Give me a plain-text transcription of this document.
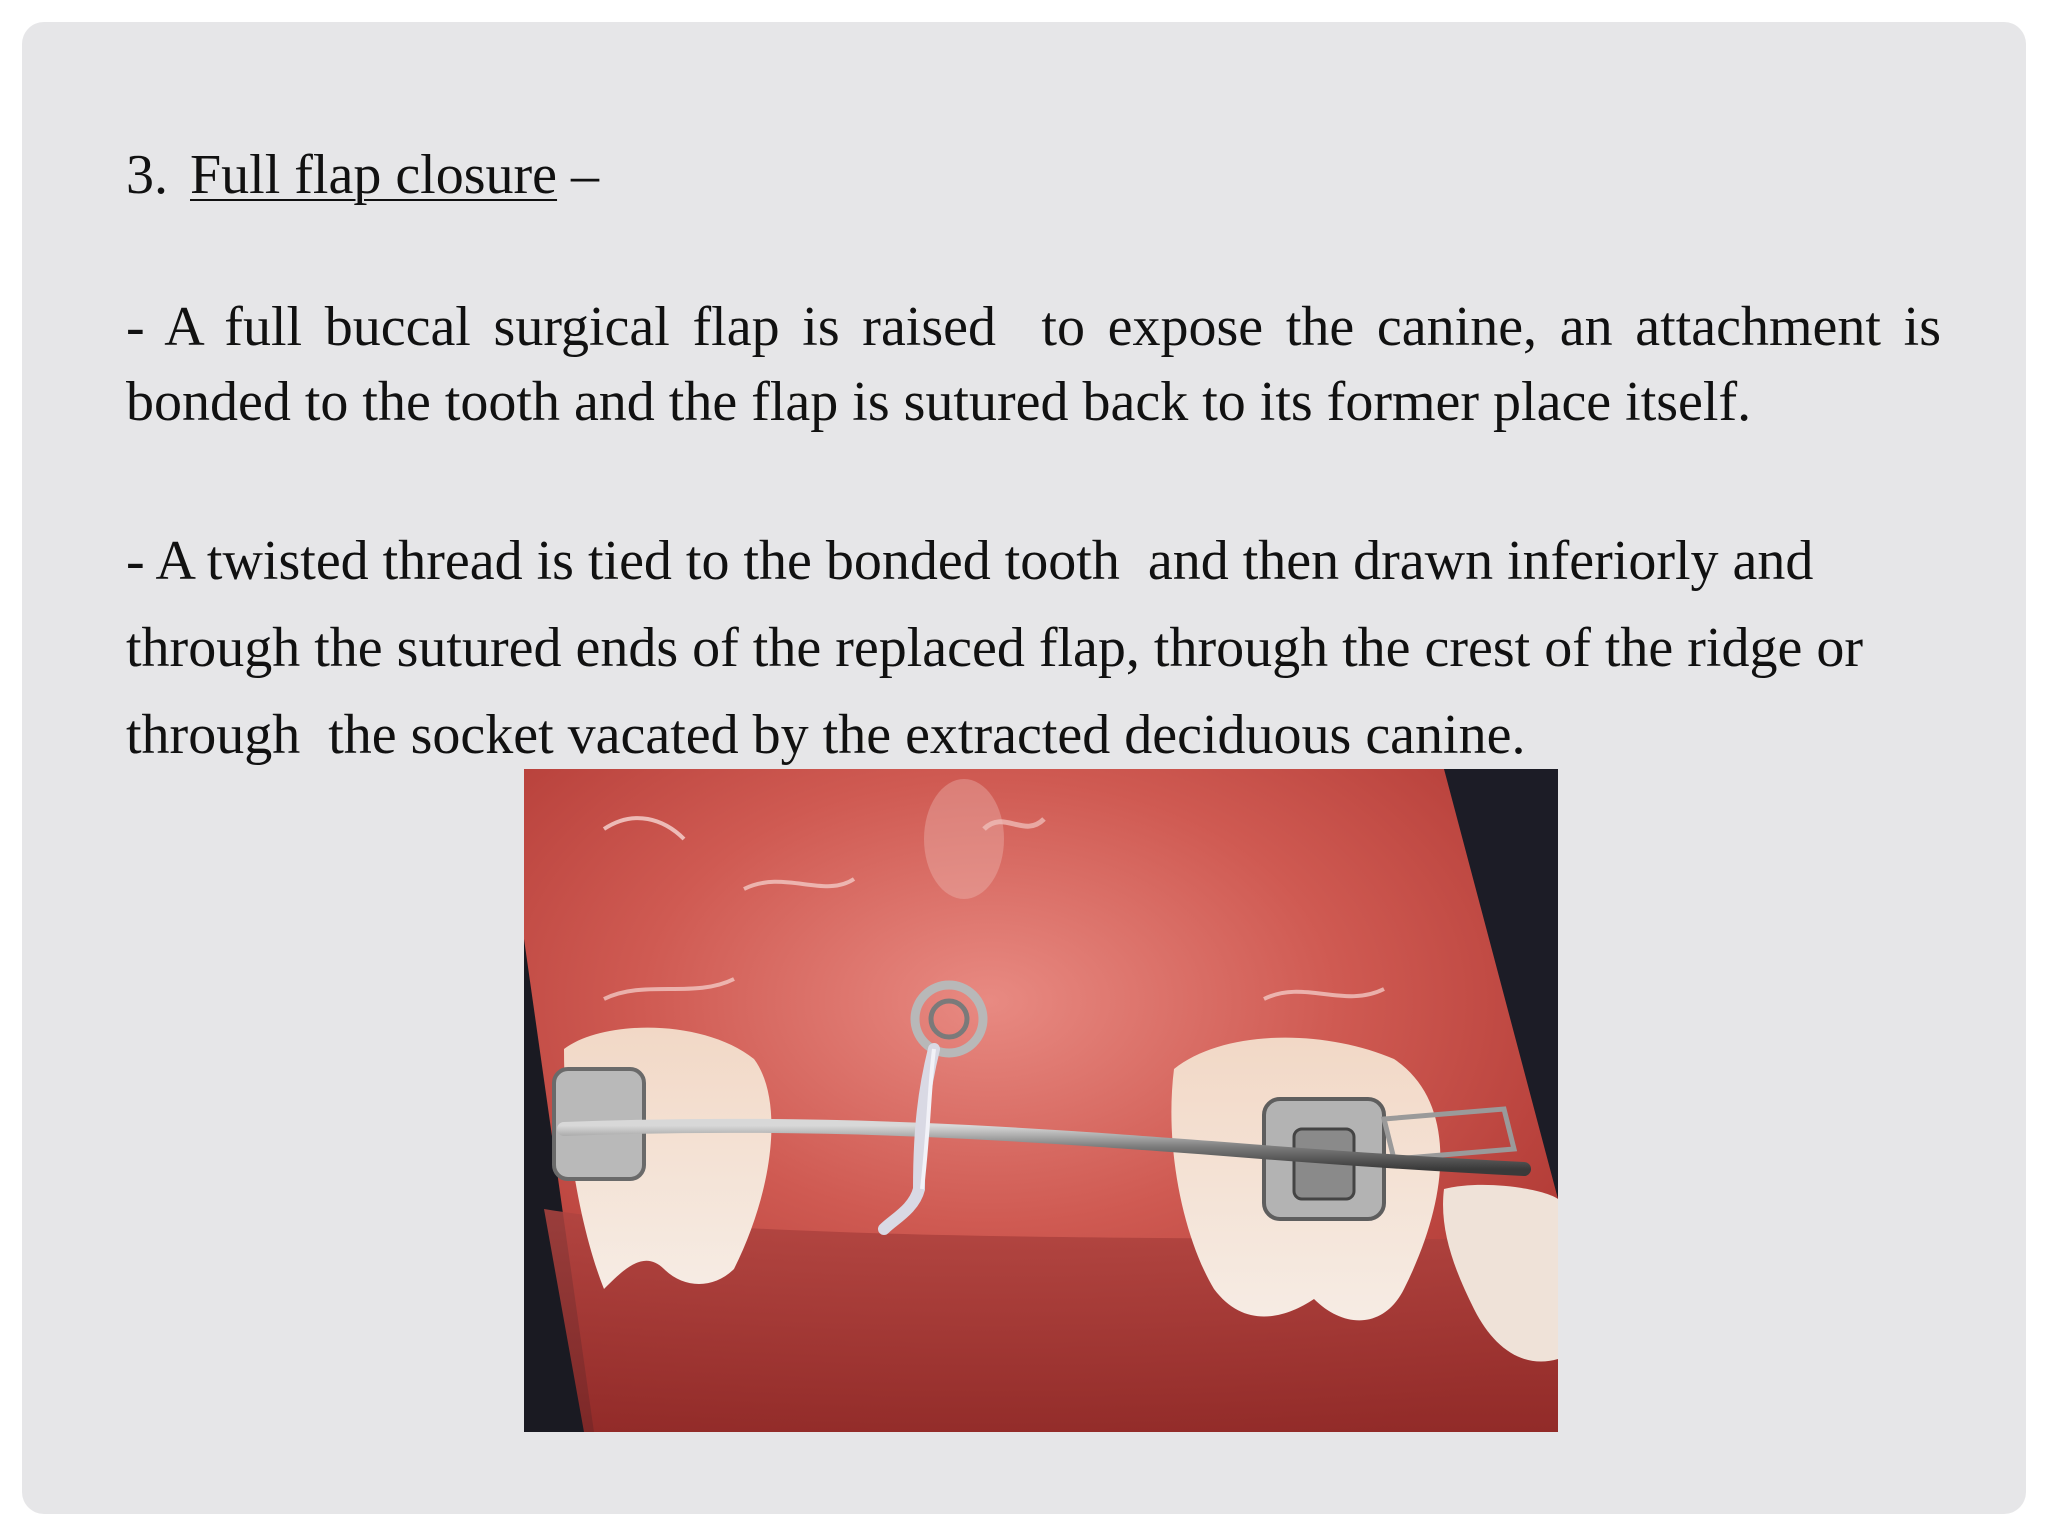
3. Full flap closure –

- A full buccal surgical flap is raised  to expose the canine, an attachment is bonded to the tooth and the flap is sutured back to its former place itself.

- A twisted thread is tied to the bonded tooth  and then drawn inferiorly and through the sutured ends of the replaced flap, through the crest of the ridge or through  the socket vacated by the extracted deciduous canine.
